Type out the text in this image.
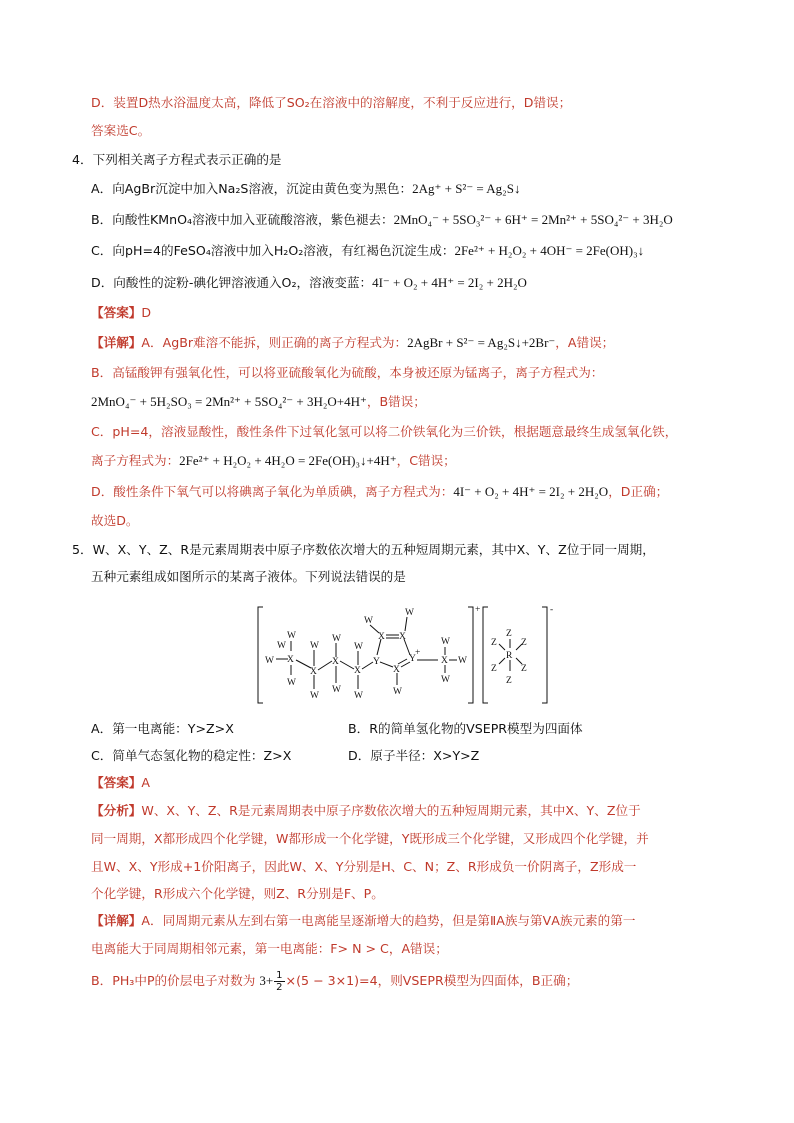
D．装置D热水浴温度太高，降低了SO₂在溶液中的溶解度，不利于反应进行，D错误；
答案选C。
4．下列相关离子方程式表示正确的是
A．向AgBr沉淀中加入Na₂S溶液，沉淀由黄色变为黑色：2Ag⁺ + S²⁻ = Ag₂S↓
B．向酸性KMnO₄溶液中加入亚硫酸溶液，紫色褪去：2MnO₄⁻ + 5SO₃²⁻ + 6H⁺ = 2Mn²⁺ + 5SO₄²⁻ + 3H₂O
C．向pH=4的FeSO₄溶液中加入H₂O₂溶液，有红褐色沉淀生成：2Fe²⁺ + H₂O₂ + 4OH⁻ = 2Fe(OH)₃↓
D．向酸性的淀粉-碘化钾溶液通入O₂，溶液变蓝：4I⁻ + O₂ + 4H⁺ = 2I₂ + 2H₂O
【答案】D
【详解】A．AgBr难溶不能拆，则正确的离子方程式为：2AgBr + S²⁻ = Ag₂S↓+2Br⁻，A错误；
B．高锰酸钾有强氧化性，可以将亚硫酸氧化为硫酸，本身被还原为锰离子，离子方程式为：
2MnO₄⁻ + 5H₂SO₃ = 2Mn²⁺ + 5SO₄²⁻ + 3H₂O+4H⁺，B错误；
C．pH=4，溶液显酸性，酸性条件下过氧化氢可以将二价铁氧化为三价铁，根据题意最终生成氢氧化铁，
离子方程式为：2Fe²⁺ + H₂O₂ + 4H₂O = 2Fe(OH)₃↓+4H⁺，C错误；
D．酸性条件下氧气可以将碘离子氧化为单质碘，离子方程式为：4I⁻ + O₂ + 4H⁺ = 2I₂ + 2H₂O，D正确；
故选D。
5．W、X、Y、Z、R是元素周期表中原子序数依次增大的五种短周期元素，其中X、Y、Z位于同一周期，
五种元素组成如图所示的某离子液体。下列说法错误的是
W
W
W X
W
W
X
W
W
X
W
W
X
W
Y
W
X X
W
Y
+
X
W
X
W
W
W
+	-
Z
Z	Z
R
Z	Z
Z
A．第一电离能：Y>Z>X	B．R的简单氢化物的VSEPR模型为四面体
C．简单气态氢化物的稳定性：Z>X	D．原子半径：X>Y>Z
【答案】A
【分析】W、X、Y、Z、R是元素周期表中原子序数依次增大的五种短周期元素，其中X、Y、Z位于
同一周期，X都形成四个化学键，W都形成一个化学键，Y既形成三个化学键，又形成四个化学键，并
且W、X、Y形成+1价阳离子，因此W、X、Y分别是H、C、N；Z、R形成负一价阴离子，Z形成一
个化学键，R形成六个化学键，则Z、R分别是F、P。
【详解】A．同周期元素从左到右第一电离能呈逐渐增大的趋势，但是第ⅡA族与第ⅤA族元素的第一
电离能大于同周期相邻元素，第一电离能：F> N > C，A错误；
B．PH₃中P的价层电子对数为 $3+ \frac{1}{2} \times(5 - 3\times 1)=4$，则VSEPR模型为四面体，B正确；
